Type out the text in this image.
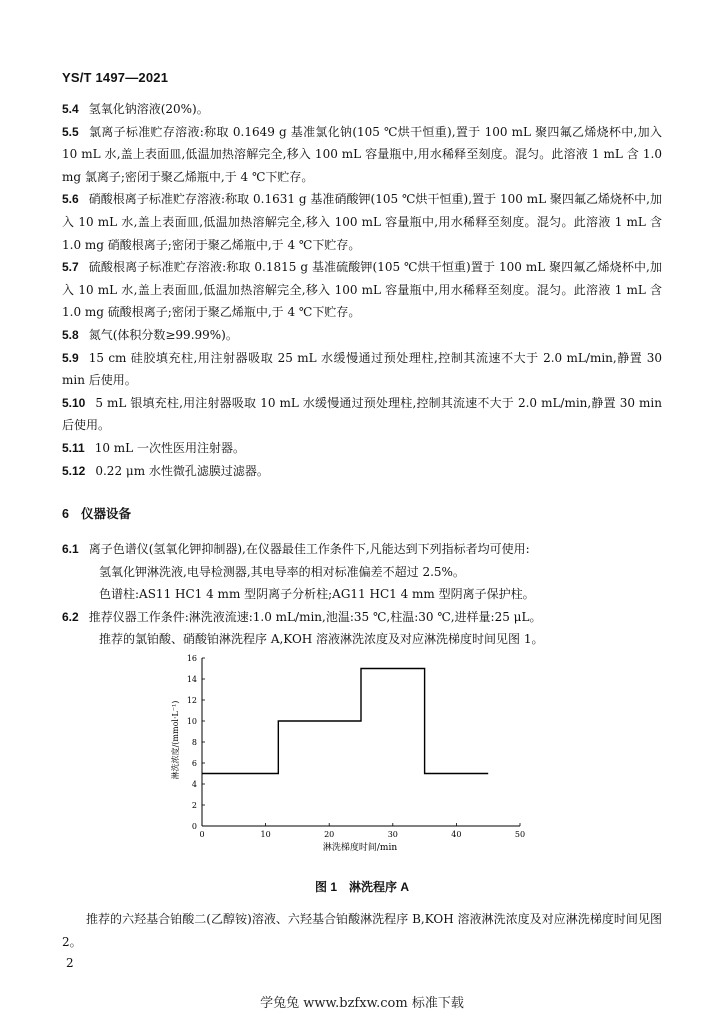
YS/T 1497—2021
5.4 氢氧化钠溶液(20%)。
5.5 氯离子标准贮存溶液:称取 0.1649 g 基准氯化钠(105 ℃烘干恒重),置于 100 mL 聚四氟乙烯烧杯中,加入 10 mL 水,盖上表面皿,低温加热溶解完全,移入 100 mL 容量瓶中,用水稀释至刻度。混匀。此溶液 1 mL 含 1.0 mg 氯离子;密闭于聚乙烯瓶中,于 4 ℃下贮存。
5.6 硝酸根离子标准贮存溶液:称取 0.1631 g 基准硝酸钾(105 ℃烘干恒重),置于 100 mL 聚四氟乙烯烧杯中,加入 10 mL 水,盖上表面皿,低温加热溶解完全,移入 100 mL 容量瓶中,用水稀释至刻度。混匀。此溶液 1 mL 含 1.0 mg 硝酸根离子;密闭于聚乙烯瓶中,于 4 ℃下贮存。
5.7 硫酸根离子标准贮存溶液:称取 0.1815 g 基准硫酸钾(105 ℃烘干恒重)置于 100 mL 聚四氟乙烯烧杯中,加入 10 mL 水,盖上表面皿,低温加热溶解完全,移入 100 mL 容量瓶中,用水稀释至刻度。混匀。此溶液 1 mL 含 1.0 mg 硫酸根离子;密闭于聚乙烯瓶中,于 4 ℃下贮存。
5.8 氮气(体积分数≥99.99%)。
5.9 15 cm 硅胶填充柱,用注射器吸取 25 mL 水缓慢通过预处理柱,控制其流速不大于 2.0 mL/min,静置 30 min 后使用。
5.10 5 mL 银填充柱,用注射器吸取 10 mL 水缓慢通过预处理柱,控制其流速不大于 2.0 mL/min,静置 30 min 后使用。
5.11 10 mL 一次性医用注射器。
5.12 0.22 μm 水性微孔滤膜过滤器。
6 仪器设备
6.1 离子色谱仪(氢氧化钾抑制器),在仪器最佳工作条件下,凡能达到下列指标者均可使用:
氢氧化钾淋洗液,电导检测器,其电导率的相对标准偏差不超过 2.5%。
色谱柱:AS11 HC1 4 mm 型阴离子分析柱;AG11 HC1 4 mm 型阴离子保护柱。
6.2 推荐仪器工作条件:淋洗液流速:1.0 mL/min,池温:35 ℃,柱温:30 ℃,进样量:25 μL。
推荐的氯铂酸、硝酸铂淋洗程序 A,KOH 溶液淋洗浓度及对应淋洗梯度时间见图 1。
0	10	20	30	40	50
0
2
4
6
8
10
12
14
16
淋洗梯度时间/min
淋洗浓度/(mmol·L⁻¹)
图 1　淋洗程序 A
推荐的六羟基合铂酸二(乙醇铵)溶液、六羟基合铂酸淋洗程序 B,KOH 溶液淋洗浓度及对应淋洗梯度时间见图 2。
2
学兔兔 www.bzfxw.com 标准下载
